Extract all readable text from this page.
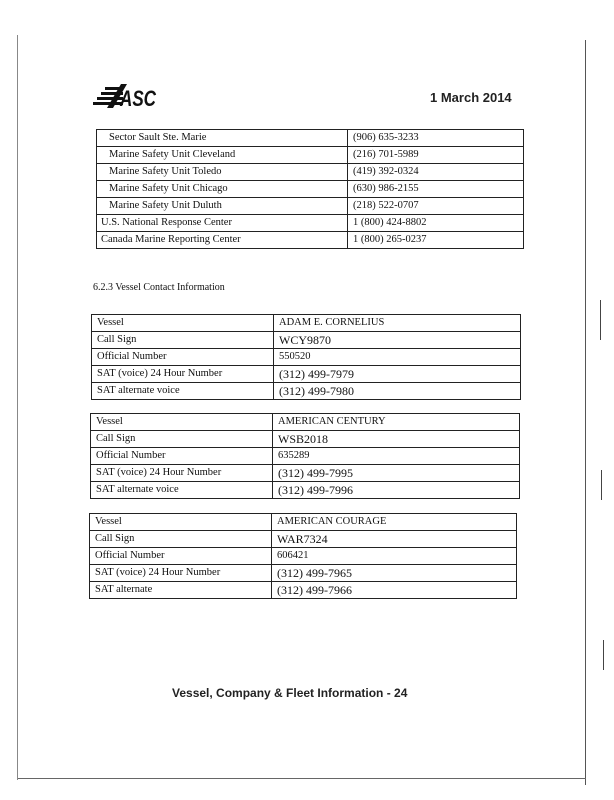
ASC	1 March 2014
Sector Sault Ste. Marie	(906) 635-3233
Marine Safety Unit Cleveland	(216) 701-5989
Marine Safety Unit Toledo	(419) 392-0324
Marine Safety Unit Chicago	(630) 986-2155
Marine Safety Unit Duluth	(218) 522-0707
U.S. National Response Center	1 (800) 424-8802
Canada Marine Reporting Center	1 (800) 265-0237
6.2.3 Vessel Contact Information
Vessel	ADAM E. CORNELIUS
Call Sign	WCY9870
Official Number	550520
SAT (voice) 24 Hour Number	(312) 499-7979
SAT alternate voice	(312) 499-7980
Vessel	AMERICAN CENTURY
Call Sign	WSB2018
Official Number	635289
SAT (voice) 24 Hour Number	(312) 499-7995
SAT alternate voice	(312) 499-7996
Vessel	AMERICAN COURAGE
Call Sign	WAR7324
Official Number	606421
SAT (voice) 24 Hour Number	(312) 499-7965
SAT alternate	(312) 499-7966
Vessel, Company & Fleet Information - 24
